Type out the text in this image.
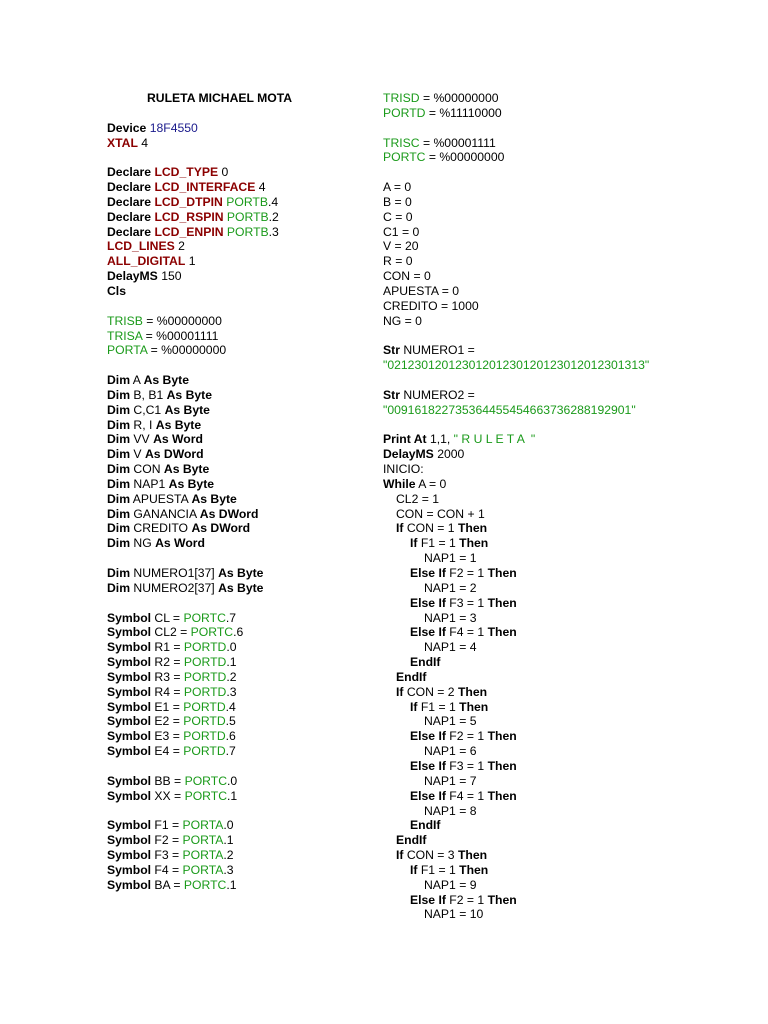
RULETA MICHAEL MOTA
Device 18F4550
XTAL 4
Declare LCD_TYPE 0
Declare LCD_INTERFACE 4
Declare LCD_DTPIN PORTB.4
Declare LCD_RSPIN PORTB.2
Declare LCD_ENPIN PORTB.3
LCD_LINES 2
ALL_DIGITAL 1
DelayMS 150
Cls
TRISB = %00000000
TRISA = %00001111
PORTA = %00000000
Dim A As Byte
Dim B, B1 As Byte
Dim C,C1 As Byte
Dim R, I As Byte
Dim VV As Word
Dim V As DWord
Dim CON As Byte
Dim NAP1 As Byte
Dim APUESTA As Byte
Dim GANANCIA As DWord
Dim CREDITO As DWord
Dim NG As Word
Dim NUMERO1[37] As Byte
Dim NUMERO2[37] As Byte
Symbol CL = PORTC.7
Symbol CL2 = PORTC.6
Symbol R1 = PORTD.0
Symbol R2 = PORTD.1
Symbol R3 = PORTD.2
Symbol R4 = PORTD.3
Symbol E1 = PORTD.4
Symbol E2 = PORTD.5
Symbol E3 = PORTD.6
Symbol E4 = PORTD.7
Symbol BB = PORTC.0
Symbol XX = PORTC.1
Symbol F1 = PORTA.0
Symbol F2 = PORTA.1
Symbol F3 = PORTA.2
Symbol F4 = PORTA.3
Symbol BA = PORTC.1
TRISD = %00000000
PORTD = %11110000
TRISC = %00001111
PORTC = %00000000
A = 0
B = 0
C = 0
C1 = 0
V = 20
R = 0
CON = 0
APUESTA = 0
CREDITO = 1000
NG = 0
Str NUMERO1 =
"02123012012301201230120123012012301313"
Str NUMERO2 =
"009161822735364455454663736288192901"
Print At 1,1, " R U L E T A  "
DelayMS 2000
INICIO:
While A = 0
CL2 = 1
CON = CON + 1
If CON = 1 Then
If F1 = 1 Then
NAP1 = 1
Else If F2 = 1 Then
NAP1 = 2
Else If F3 = 1 Then
NAP1 = 3
Else If F4 = 1 Then
NAP1 = 4
EndIf
EndIf
If CON = 2 Then
If F1 = 1 Then
NAP1 = 5
Else If F2 = 1 Then
NAP1 = 6
Else If F3 = 1 Then
NAP1 = 7
Else If F4 = 1 Then
NAP1 = 8
EndIf
EndIf
If CON = 3 Then
If F1 = 1 Then
NAP1 = 9
Else If F2 = 1 Then
NAP1 = 10
